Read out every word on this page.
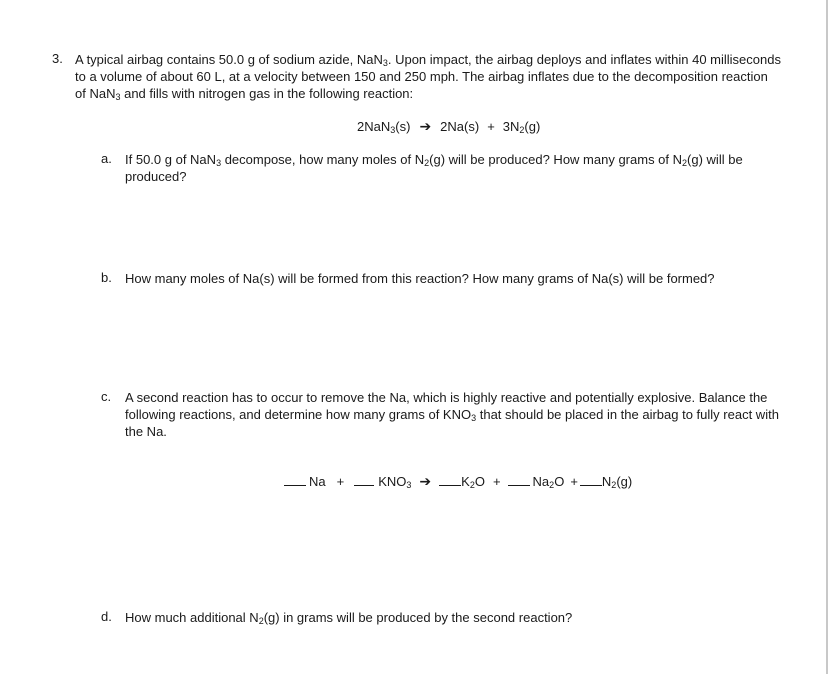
3. A typical airbag contains 50.0 g of sodium azide, NaN$_3$. Upon impact, the airbag deploys and inflates within 40 milliseconds
to a volume of about 60 L, at a velocity between 150 and 250 mph. The airbag inflates due to the decomposition reaction
of NaN$_3$ and fills with nitrogen gas in the following reaction:
2NaN$_3$(s) ➔ $2Na(s) + 3N_2(g)$
a. If 50.0 g of NaN$_3$ decompose, how many moles of $N_2(g)$ will be produced? How many grams of $N_2(g)$ will be
produced?
b. How many moles of Na(s) will be formed from this reaction? How many grams of Na(s) will be formed?
c. A second reaction has to occur to remove the Na, which is highly reactive and potentially explosive. Balance the
following reactions, and determine how many grams of $KNO_3$ that should be placed in the airbag to fully react with
the Na.
Na +	$KNO_3$ ➔ $K_2O + Na_2O + N_2(g)$
d. How much additional $N_2(g)$ in grams will be produced by the second reaction?
